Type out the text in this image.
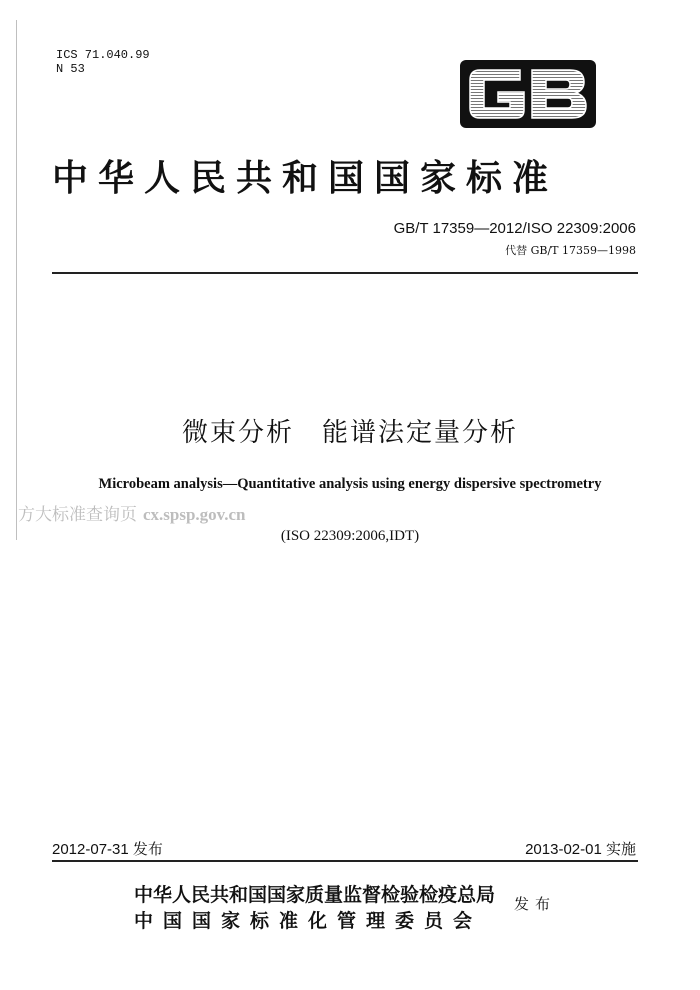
ICS 71.040.99
N 53
中华人民共和国国家标准
GB/T 17359—2012/ISO 22309:2006
代替 GB/T 17359—1998
微束分析　能谱法定量分析
Microbeam analysis—Quantitative analysis using energy dispersive spectrometry
方大标准查询页 cx.spsp.gov.cn
(ISO 22309:2006,IDT)
2012-07-31 发布	2013-02-01 实施
中华人民共和国国家质量监督检验检疫总局
中国国家标准化管理委员会
发布
